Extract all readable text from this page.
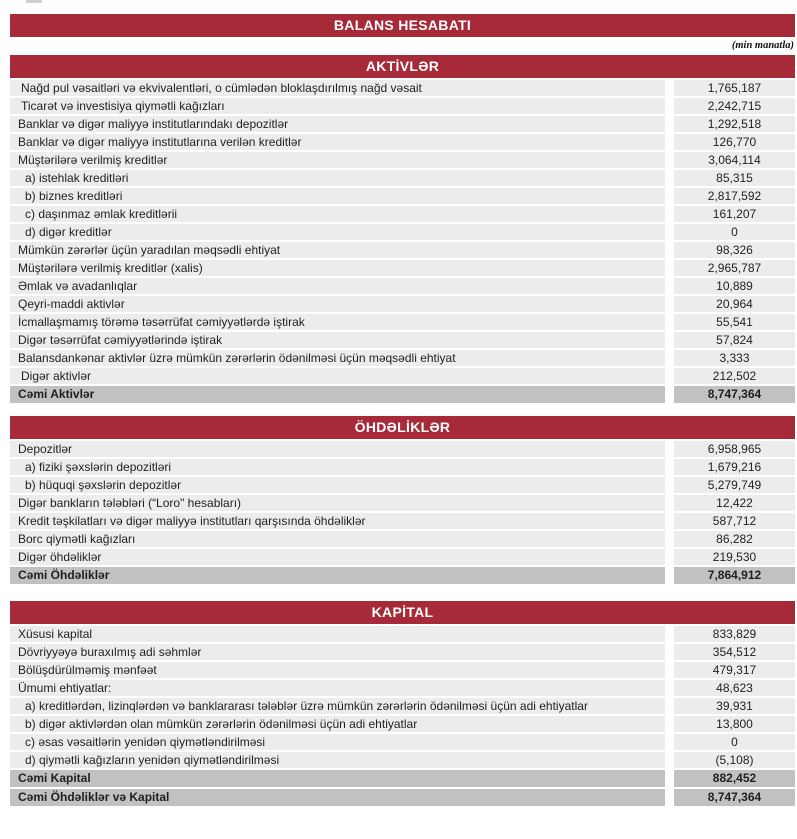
BALANS HESABATI
(min manatla)
AKTİVLƏR
Nağd pul vəsaitləri və ekvivalentləri, o cümlədən bloklaşdırılmış nağd vəsait	1,765,187
Ticarət və investisiya qiymətli kağızları	2,242,715
Banklar və digər maliyyə institutlarındakı depozitlər	1,292,518
Banklar və digər maliyyə institutlarına verilən kreditlər	126,770
Müştərilərə verilmiş kreditlər	3,064,114
a) istehlak kreditləri	85,315
b) biznes kreditləri	2,817,592
c) daşınmaz əmlak kreditlərii	161,207
d) digər kreditlər	0
Mümkün zərərlər üçün yaradılan məqsədli ehtiyat	98,326
Müştərilərə verilmiş kreditlər (xalis)	2,965,787
Əmlak və avadanlıqlar	10,889
Qeyri-maddi aktivlər	20,964
İcmallaşmamış törəmə təsərrüfat cəmiyyətlərdə iştirak	55,541
Digər təsərrüfat cəmiyyətlərində iştirak	57,824
Balansdankənar aktivlər üzrə mümkün zərərlərin ödənilməsi üçün məqsədli ehtiyat	3,333
Digər aktivlər	212,502
Cəmi Aktivlər	8,747,364
ÖHDƏLİKLƏR
Depozitlər	6,958,965
a) fiziki şəxslərin depozitləri	1,679,216
b) hüquqi şəxslərin depozitlər	5,279,749
Digər bankların tələbləri (“Loro" hesabları)	12,422
Kredit təşkilatları və digər maliyyə institutları qarşısında öhdəliklər	587,712
Borc qiymətli kağızları	86,282
Digər öhdəliklər	219,530
Cəmi Öhdəliklər	7,864,912
KAPİTAL
Xüsusi kapital	833,829
Dövriyyəyə buraxılmış adi səhmlər	354,512
Bölüşdürülməmiş mənfəət	479,317
Ümumi ehtiyatlar:	48,623
a) kreditlərdən, lizinqlərdən və banklararası tələblər üzrə mümkün zərərlərin ödənilməsi üçün adi ehtiyatlar	39,931
b) digər aktivlərdən olan mümkün zərərlərin ödənilməsi üçün adi ehtiyatlar	13,800
c) əsas vəsaitlərin yenidən qiymətləndirilməsi	0
d) qiymətli kağızların yenidən qiymətləndirilməsi	(5,108)
Cəmi Kapital	882,452
Cəmi Öhdəliklər və Kapital	8,747,364
